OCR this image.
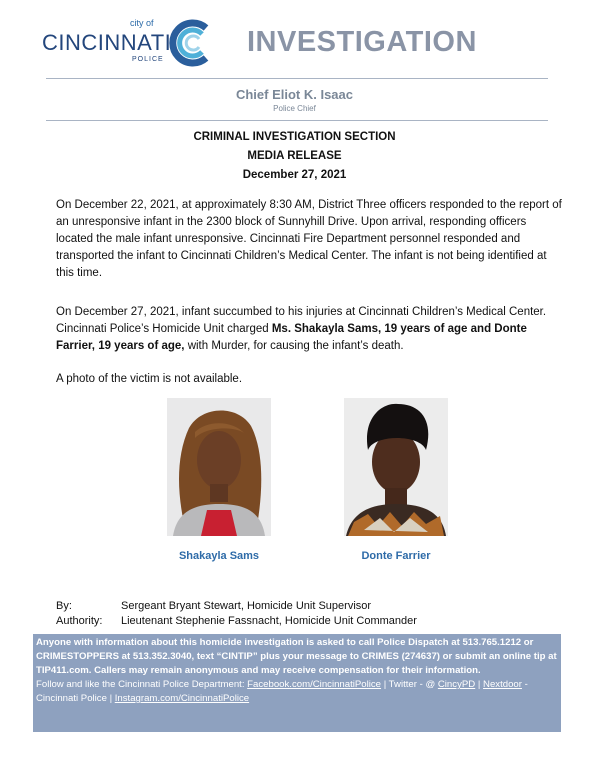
city of
CINCINNATI
POLICE
INVESTIGATION
Chief Eliot K. Isaac
Police Chief
CRIMINAL INVESTIGATION SECTION
MEDIA RELEASE
December 27, 2021
On December 22, 2021, at approximately 8:30 AM, District Three officers responded to the report of an unresponsive infant in the 2300 block of Sunnyhill Drive. Upon arrival, responding officers located the male infant unresponsive. Cincinnati Fire Department personnel responded and transported the infant to Cincinnati Children’s Medical Center. The infant is not being identified at this time.
On December 27, 2021, infant succumbed to his injuries at Cincinnati Children’s Medical Center. Cincinnati Police’s Homicide Unit charged Ms. Shakayla Sams, 19 years of age and Donte Farrier, 19 years of age, with Murder, for causing the infant’s death.
A photo of the victim is not available.
Shakayla Sams	Donte Farrier
By:	Sergeant Bryant Stewart, Homicide Unit Supervisor
Authority: Lieutenant Stephenie Fassnacht, Homicide Unit Commander
Anyone with information about this homicide investigation is asked to call Police Dispatch at 513.765.1212 or CRIMESTOPPERS at 513.352.3040, text “CINTIP” plus your message to CRIMES (274637) or submit an online tip at TIP411.com. Callers may remain anonymous and may receive compensation for their information.
Follow and like the Cincinnati Police Department: Facebook.com/CincinnatiPolice | Twitter - @ CincyPD | Nextdoor - Cincinnati Police | Instagram.com/CincinnatiPolice
